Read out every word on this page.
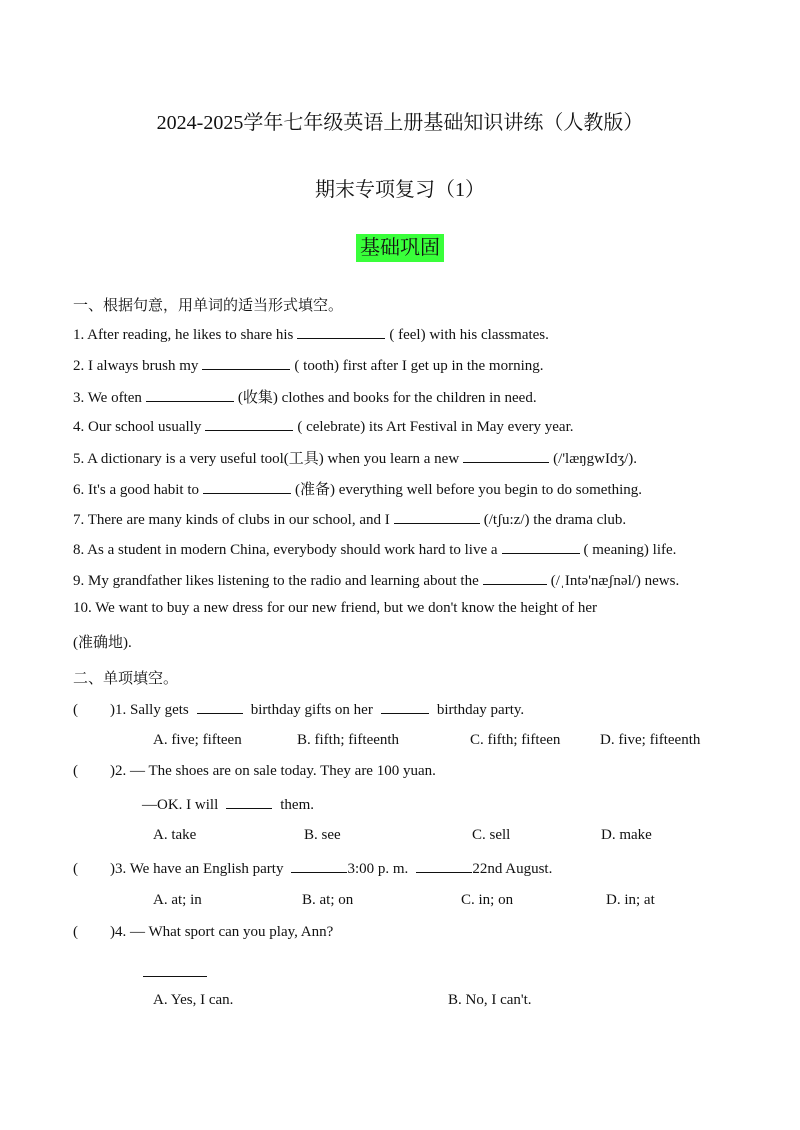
2024-2025学年七年级英语上册基础知识讲练（人教版）
期末专项复习（1）
基础巩固
一、根据句意，用单词的适当形式填空。
1. After reading, he likes to share his	( feel) with his classmates.
2. I always brush my	( tooth) first after I get up in the morning.
3. We often	(收集) clothes and books for the children in need.
4. Our school usually	( celebrate) its Art Festival in May every year.
5. A dictionary is a very useful tool(工具) when you learn a new	(/'læŋgwIdʒ/).
6. It's a good habit to	(准备) everything well before you begin to do something.
7. There are many kinds of clubs in our school, and I	(/tʃu:z/) the drama club.
8. As a student in modern China, everybody should work hard to live a	( meaning) life.
9. My grandfather likes listening to the radio and learning about the	(/ˌIntə'næʃnəl/) news.
10. We want to buy a new dress for our new friend, but we don't know the height of her
(准确地).
二、单项填空。
( )1. Sally gets	birthday gifts on her	birthday party.
A. five; fifteen	B. fifth; fifteenth	C. fifth; fifteen	D. five; fifteenth
( )2. — The shoes are on sale today. They are 100 yuan.
—OK. I will	them.
A. take	B. see	C. sell	D. make
( )3. We have an English party	3:00 p. m.	22nd August.
A. at; in	B. at; on	C. in; on	D. in; at
( )4. — What sport can you play, Ann?
A. Yes, I can.	B. No, I can't.
